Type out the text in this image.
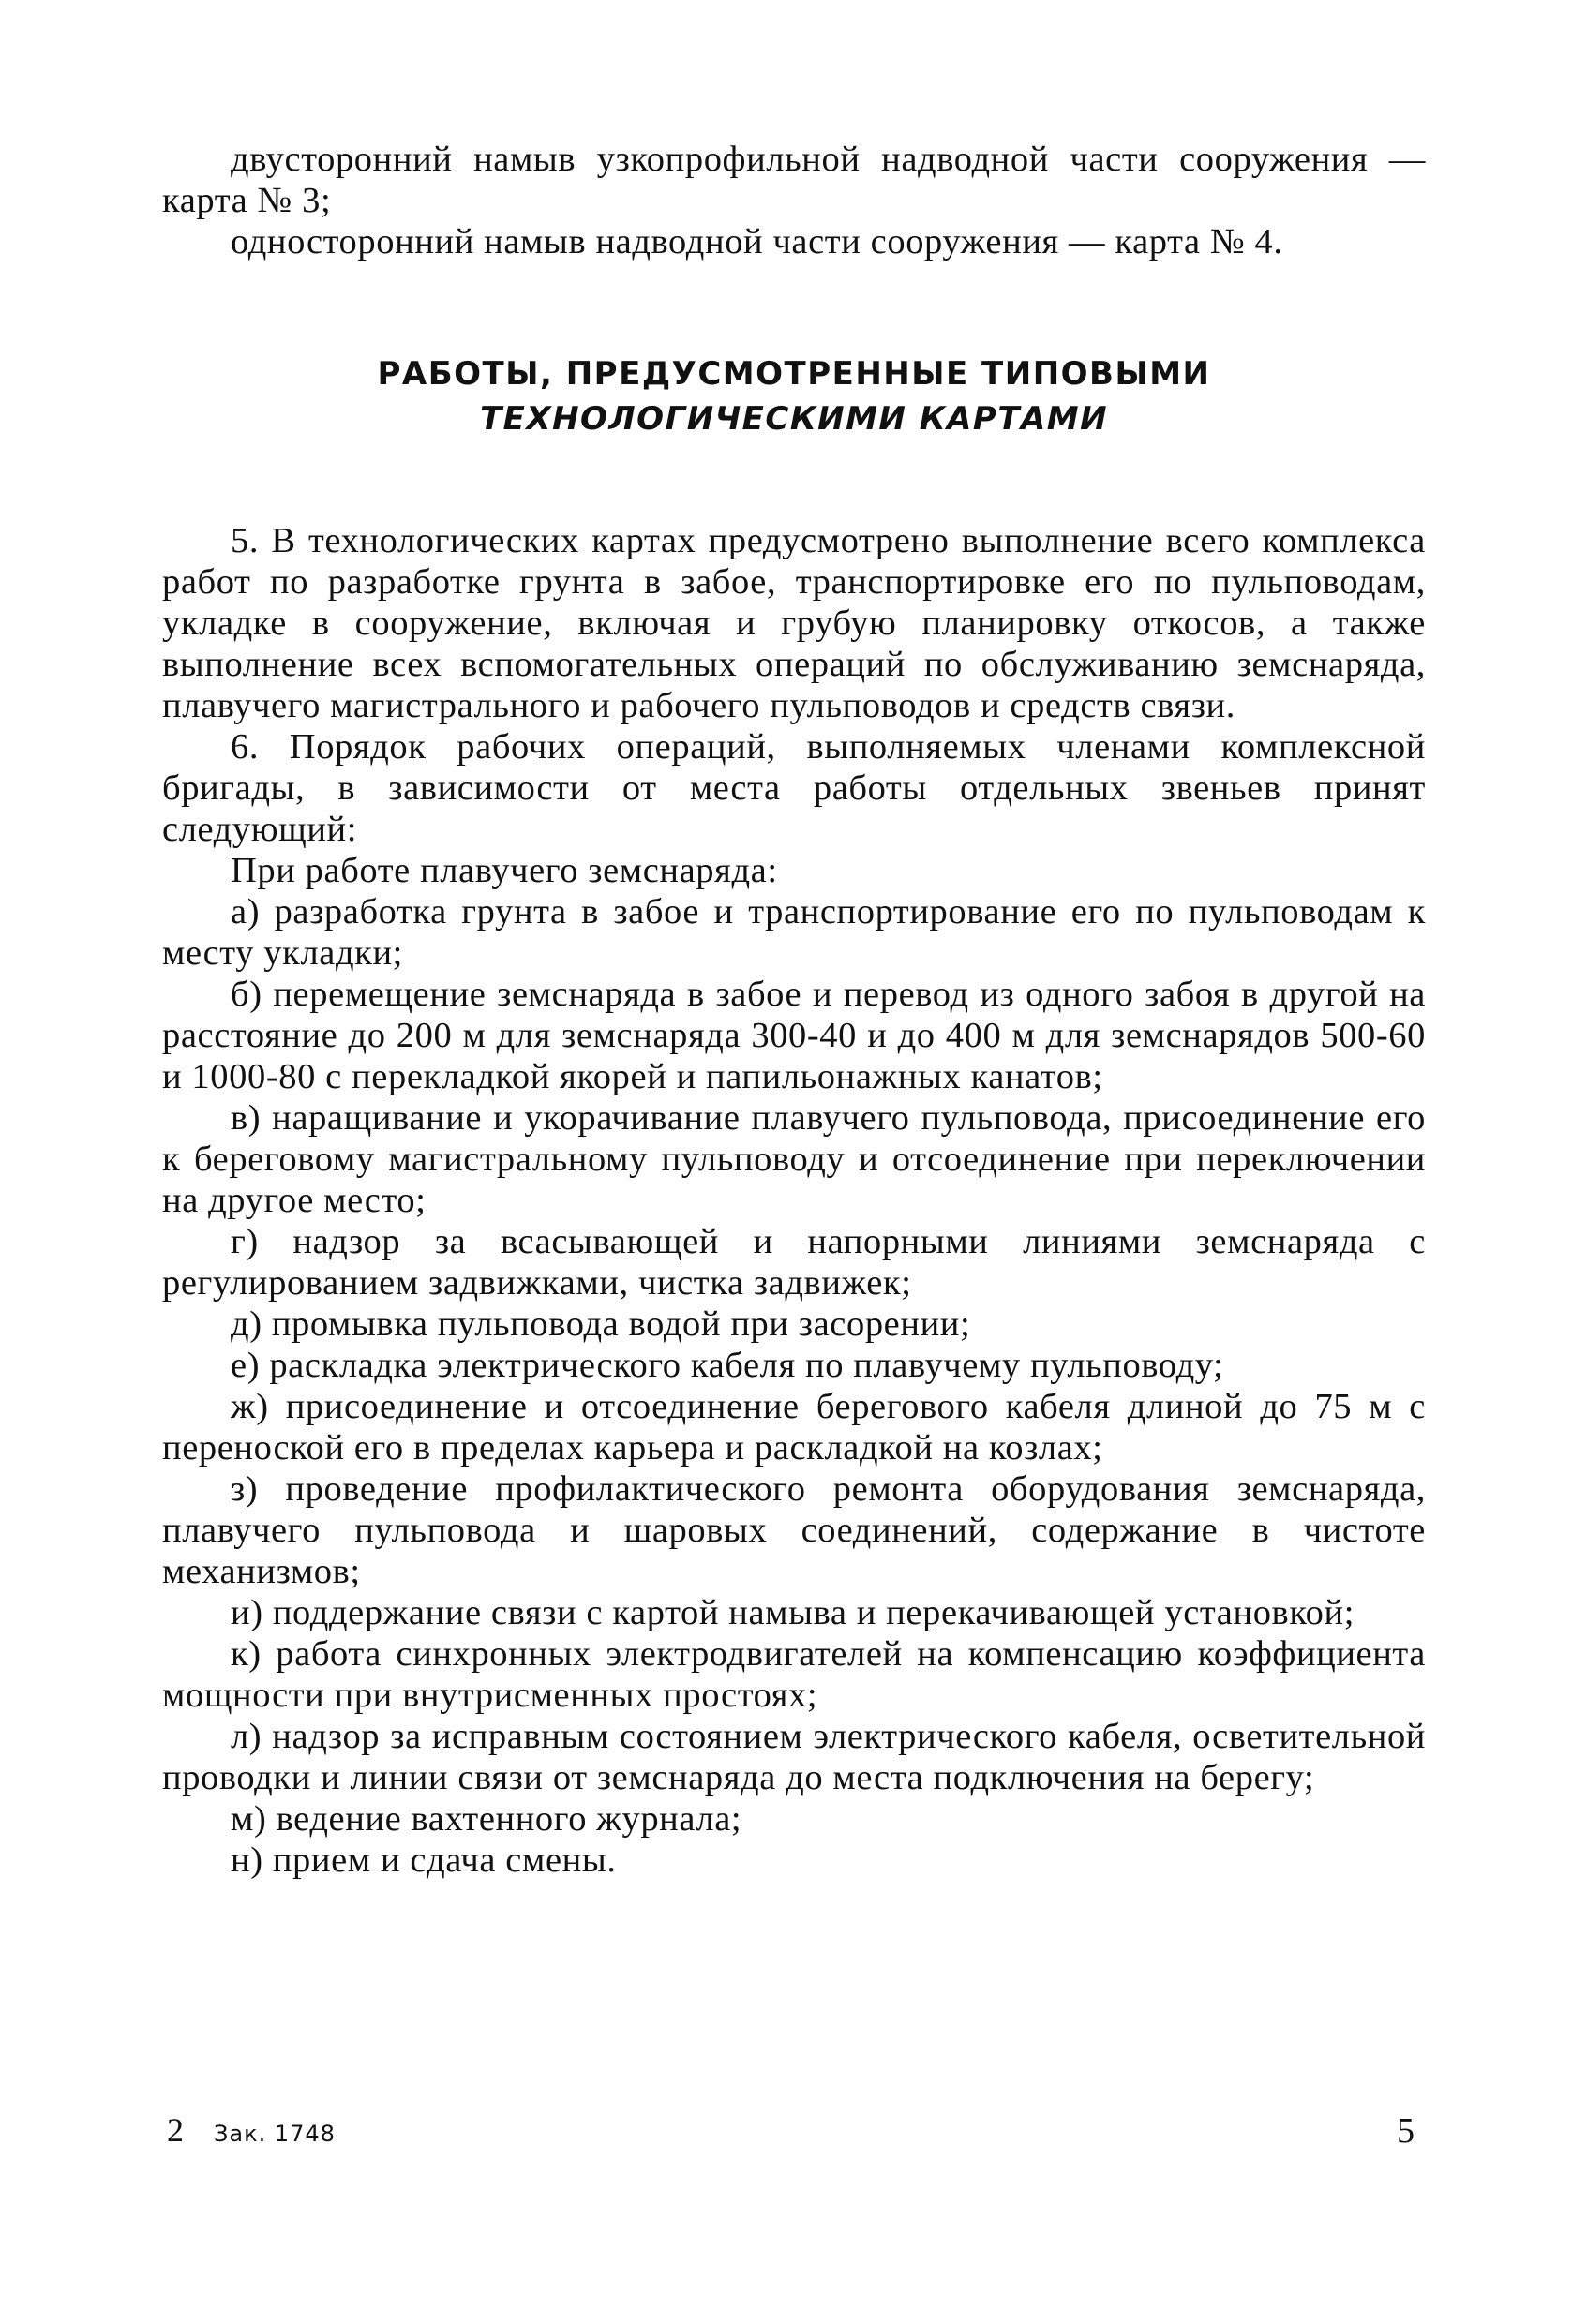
двусторонний намыв узкопрофильной надводной части сооружения — карта № 3;

односторонний намыв надводной части сооружения — карта № 4.

РАБОТЫ, ПРЕДУСМОТРЕННЫЕ ТИПОВЫМИ
ТЕХНОЛОГИЧЕСКИМИ КАРТАМИ

5. В технологических картах предусмотрено выполнение всего комплекса работ по разработке грунта в забое, транспортировке его по пульповодам, укладке в сооружение, включая и грубую планировку откосов, а также выполнение всех вспомогательных операций по обслуживанию земснаряда, плавучего магистрального и рабочего пульповодов и средств связи.

6. Порядок рабочих операций, выполняемых членами комплексной бригады, в зависимости от места работы отдельных звеньев принят следующий:

При работе плавучего земснаряда:

а) разработка грунта в забое и транспортирование его по пульповодам к месту укладки;

б) перемещение земснаряда в забое и перевод из одного забоя в другой на расстояние до 200 м для земснаряда 300-40 и до 400 м для земснарядов 500-60 и 1000-80 с перекладкой якорей и папильонажных канатов;

в) наращивание и укорачивание плавучего пульповода, присоединение его к береговому магистральному пульповоду и отсоединение при переключении на другое место;

г) надзор за всасывающей и напорными линиями земснаряда с регулированием задвижками, чистка задвижек;

д) промывка пульповода водой при засорении;

е) раскладка электрического кабеля по плавучему пульповоду;

ж) присоединение и отсоединение берегового кабеля длиной до 75 м с переноской его в пределах карьера и раскладкой на козлах;

з) проведение профилактического ремонта оборудования земснаряда, плавучего пульповода и шаровых соединений, содержание в чистоте механизмов;

и) поддержание связи с картой намыва и перекачивающей установкой;

к) работа синхронных электродвигателей на компенсацию коэффициента мощности при внутрисменных простоях;

л) надзор за исправным состоянием электрического кабеля, осветительной проводки и линии связи от земснаряда до места подключения на берегу;

м) ведение вахтенного журнала;

н) прием и сдача смены.

2 Зак. 1748	5
